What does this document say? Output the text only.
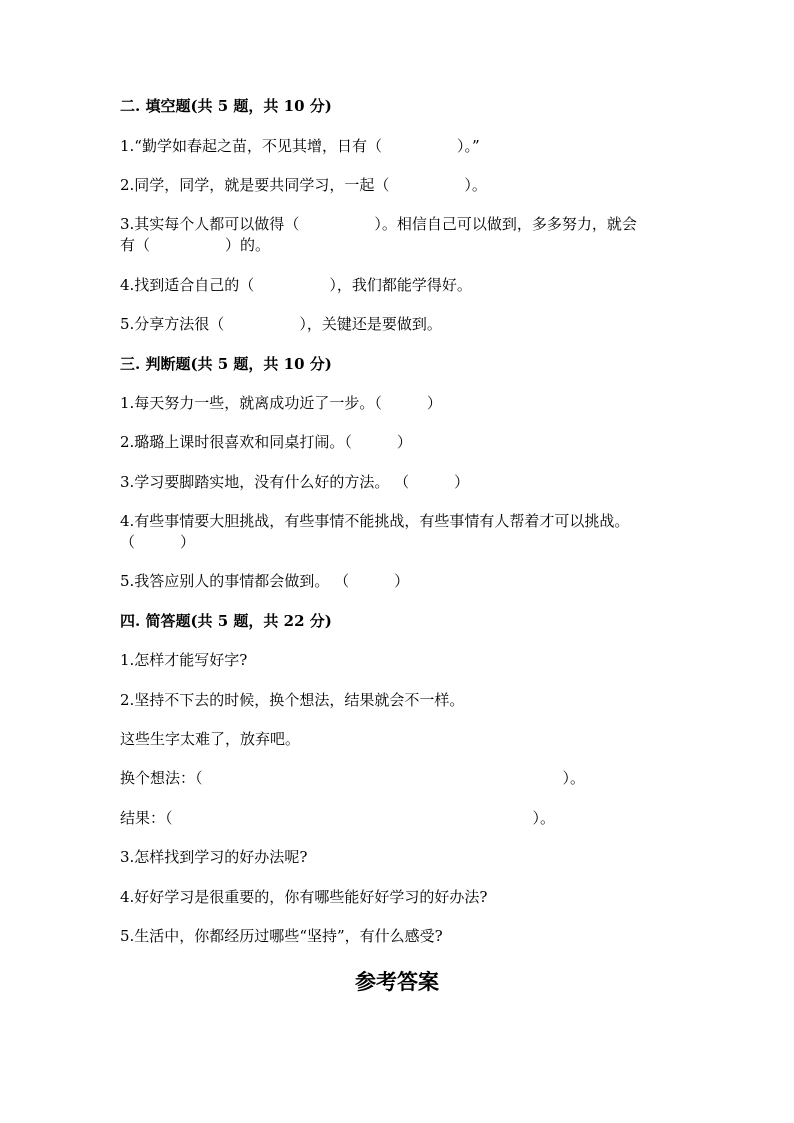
二. 填空题(共 5 题，共 10 分)
1.“勤学如春起之苗，不见其增，日有（　　　　　）。”
2.同学，同学，就是要共同学习，一起（　　　　　）。
3.其实每个人都可以做得（　　　　　）。相信自己可以做到，多多努力，就会
有（　　　　　）的。
4.找到适合自己的（　　　　　），我们都能学得好。
5.分享方法很（　　　　　），关键还是要做到。
三. 判断题(共 5 题，共 10 分)
1.每天努力一些，就离成功近了一步。（　　　）
2.璐璐上课时很喜欢和同桌打闹。（　　　）
3.学习要脚踏实地，没有什么好的方法。 （　　　）
4.有些事情要大胆挑战，有些事情不能挑战，有些事情有人帮着才可以挑战。
（　　　）
5.我答应别人的事情都会做到。 （　　　）
四. 简答题(共 5 题，共 22 分)
1.怎样才能写好字?
2.坚持不下去的时候，换个想法，结果就会不一样。
这些生字太难了，放弃吧。
换个想法：（　　　　　　　　　　　　　　　　　　　　　　　　）。
结果：（　　　　　　　　　　　　　　　　　　　　　　　　）。
3.怎样找到学习的好办法呢?
4.好好学习是很重要的，你有哪些能好好学习的好办法?
5.生活中，你都经历过哪些“坚持”，有什么感受?
参考答案
